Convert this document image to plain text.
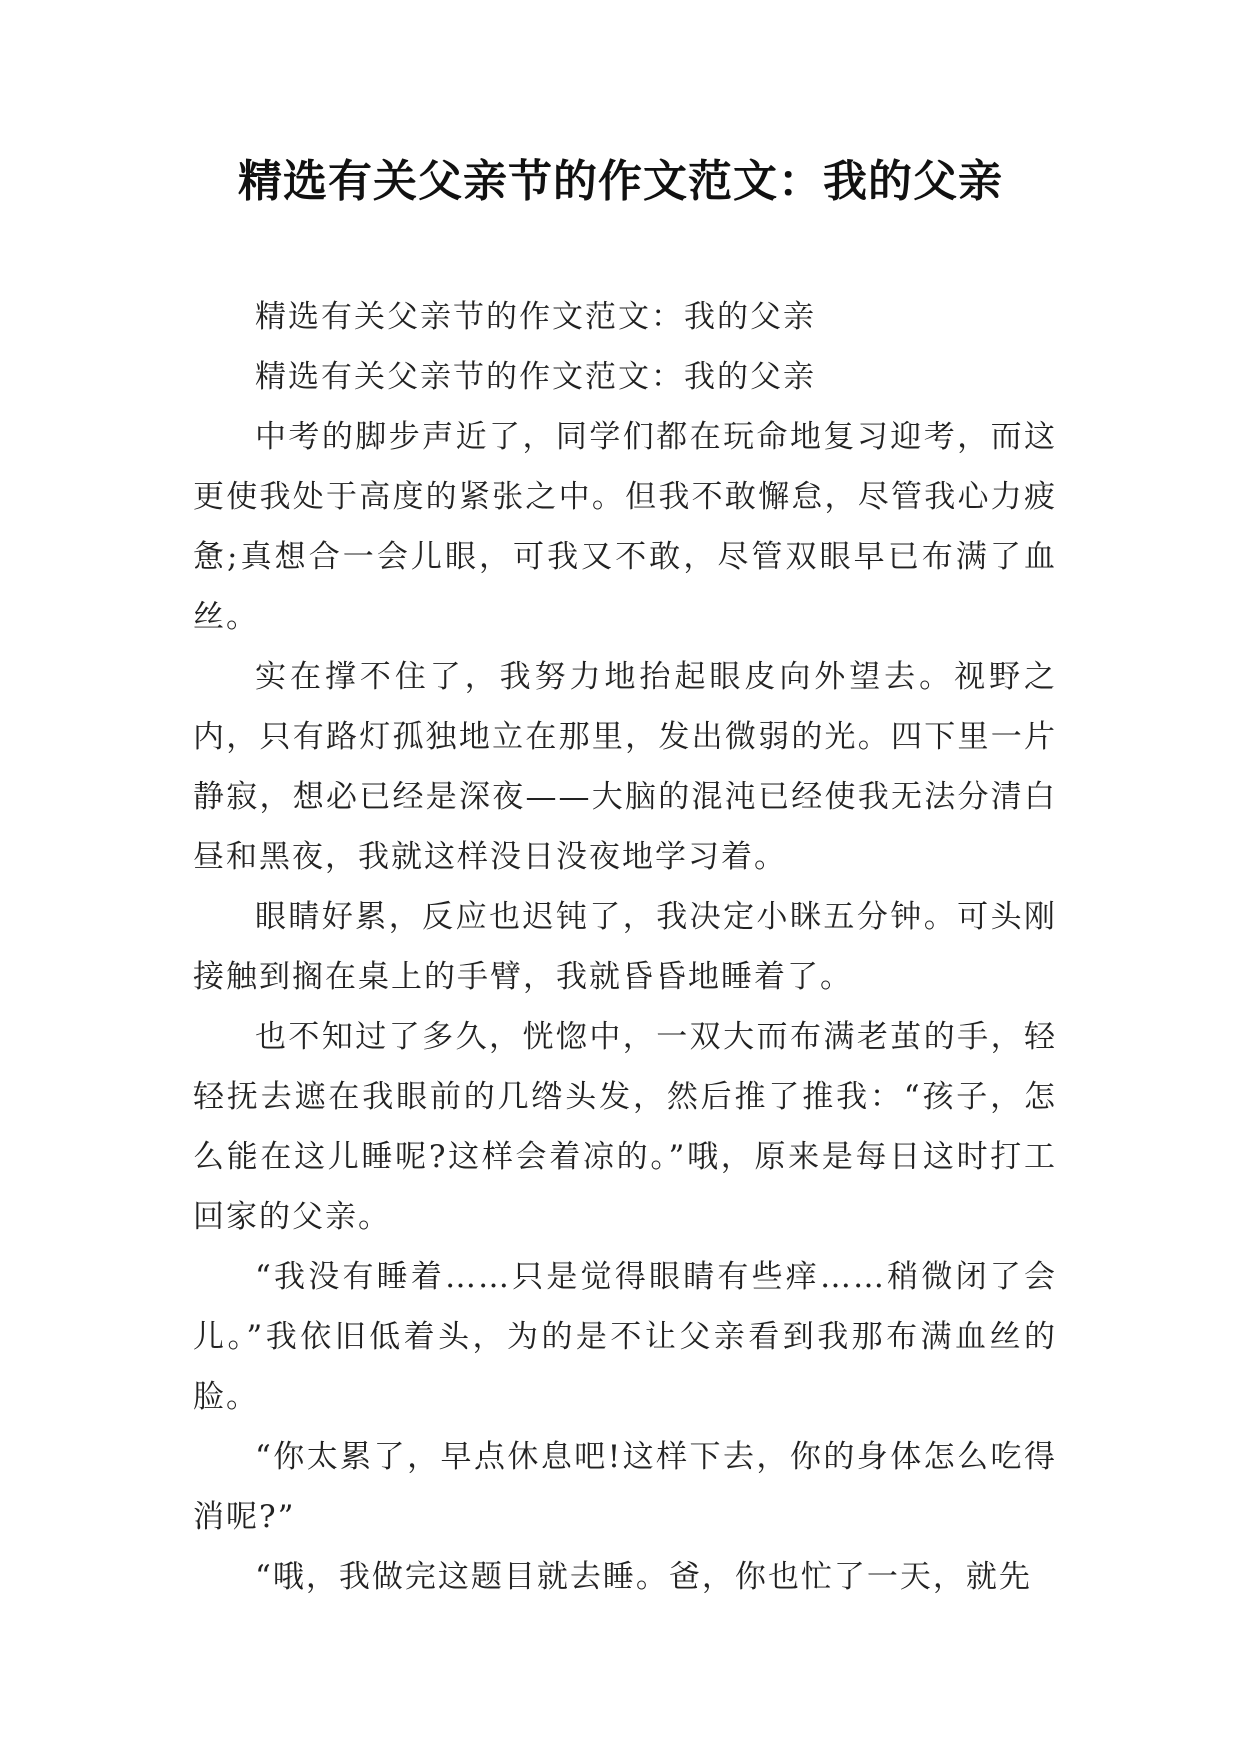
精选有关父亲节的作文范文：我的父亲

精选有关父亲节的作文范文：我的父亲

精选有关父亲节的作文范文：我的父亲

中考的脚步声近了，同学们都在玩命地复习迎考，而这更使我处于高度的紧张之中。但我不敢懈怠，尽管我心力疲惫;真想合一会儿眼，可我又不敢，尽管双眼早已布满了血丝。

实在撑不住了，我努力地抬起眼皮向外望去。视野之内，只有路灯孤独地立在那里，发出微弱的光。四下里一片静寂，想必已经是深夜——大脑的混沌已经使我无法分清白昼和黑夜，我就这样没日没夜地学习着。

眼睛好累，反应也迟钝了，我决定小眯五分钟。可头刚接触到搁在桌上的手臂，我就昏昏地睡着了。

也不知过了多久，恍惚中，一双大而布满老茧的手，轻轻抚去遮在我眼前的几绺头发，然后推了推我：“孩子，怎么能在这儿睡呢?这样会着凉的。”哦，原来是每日这时打工回家的父亲。

“我没有睡着……只是觉得眼睛有些痒……稍微闭了会儿。”我依旧低着头，为的是不让父亲看到我那布满血丝的脸。

“你太累了，早点休息吧!这样下去，你的身体怎么吃得消呢?”

“哦，我做完这题目就去睡。爸，你也忙了一天，就先
